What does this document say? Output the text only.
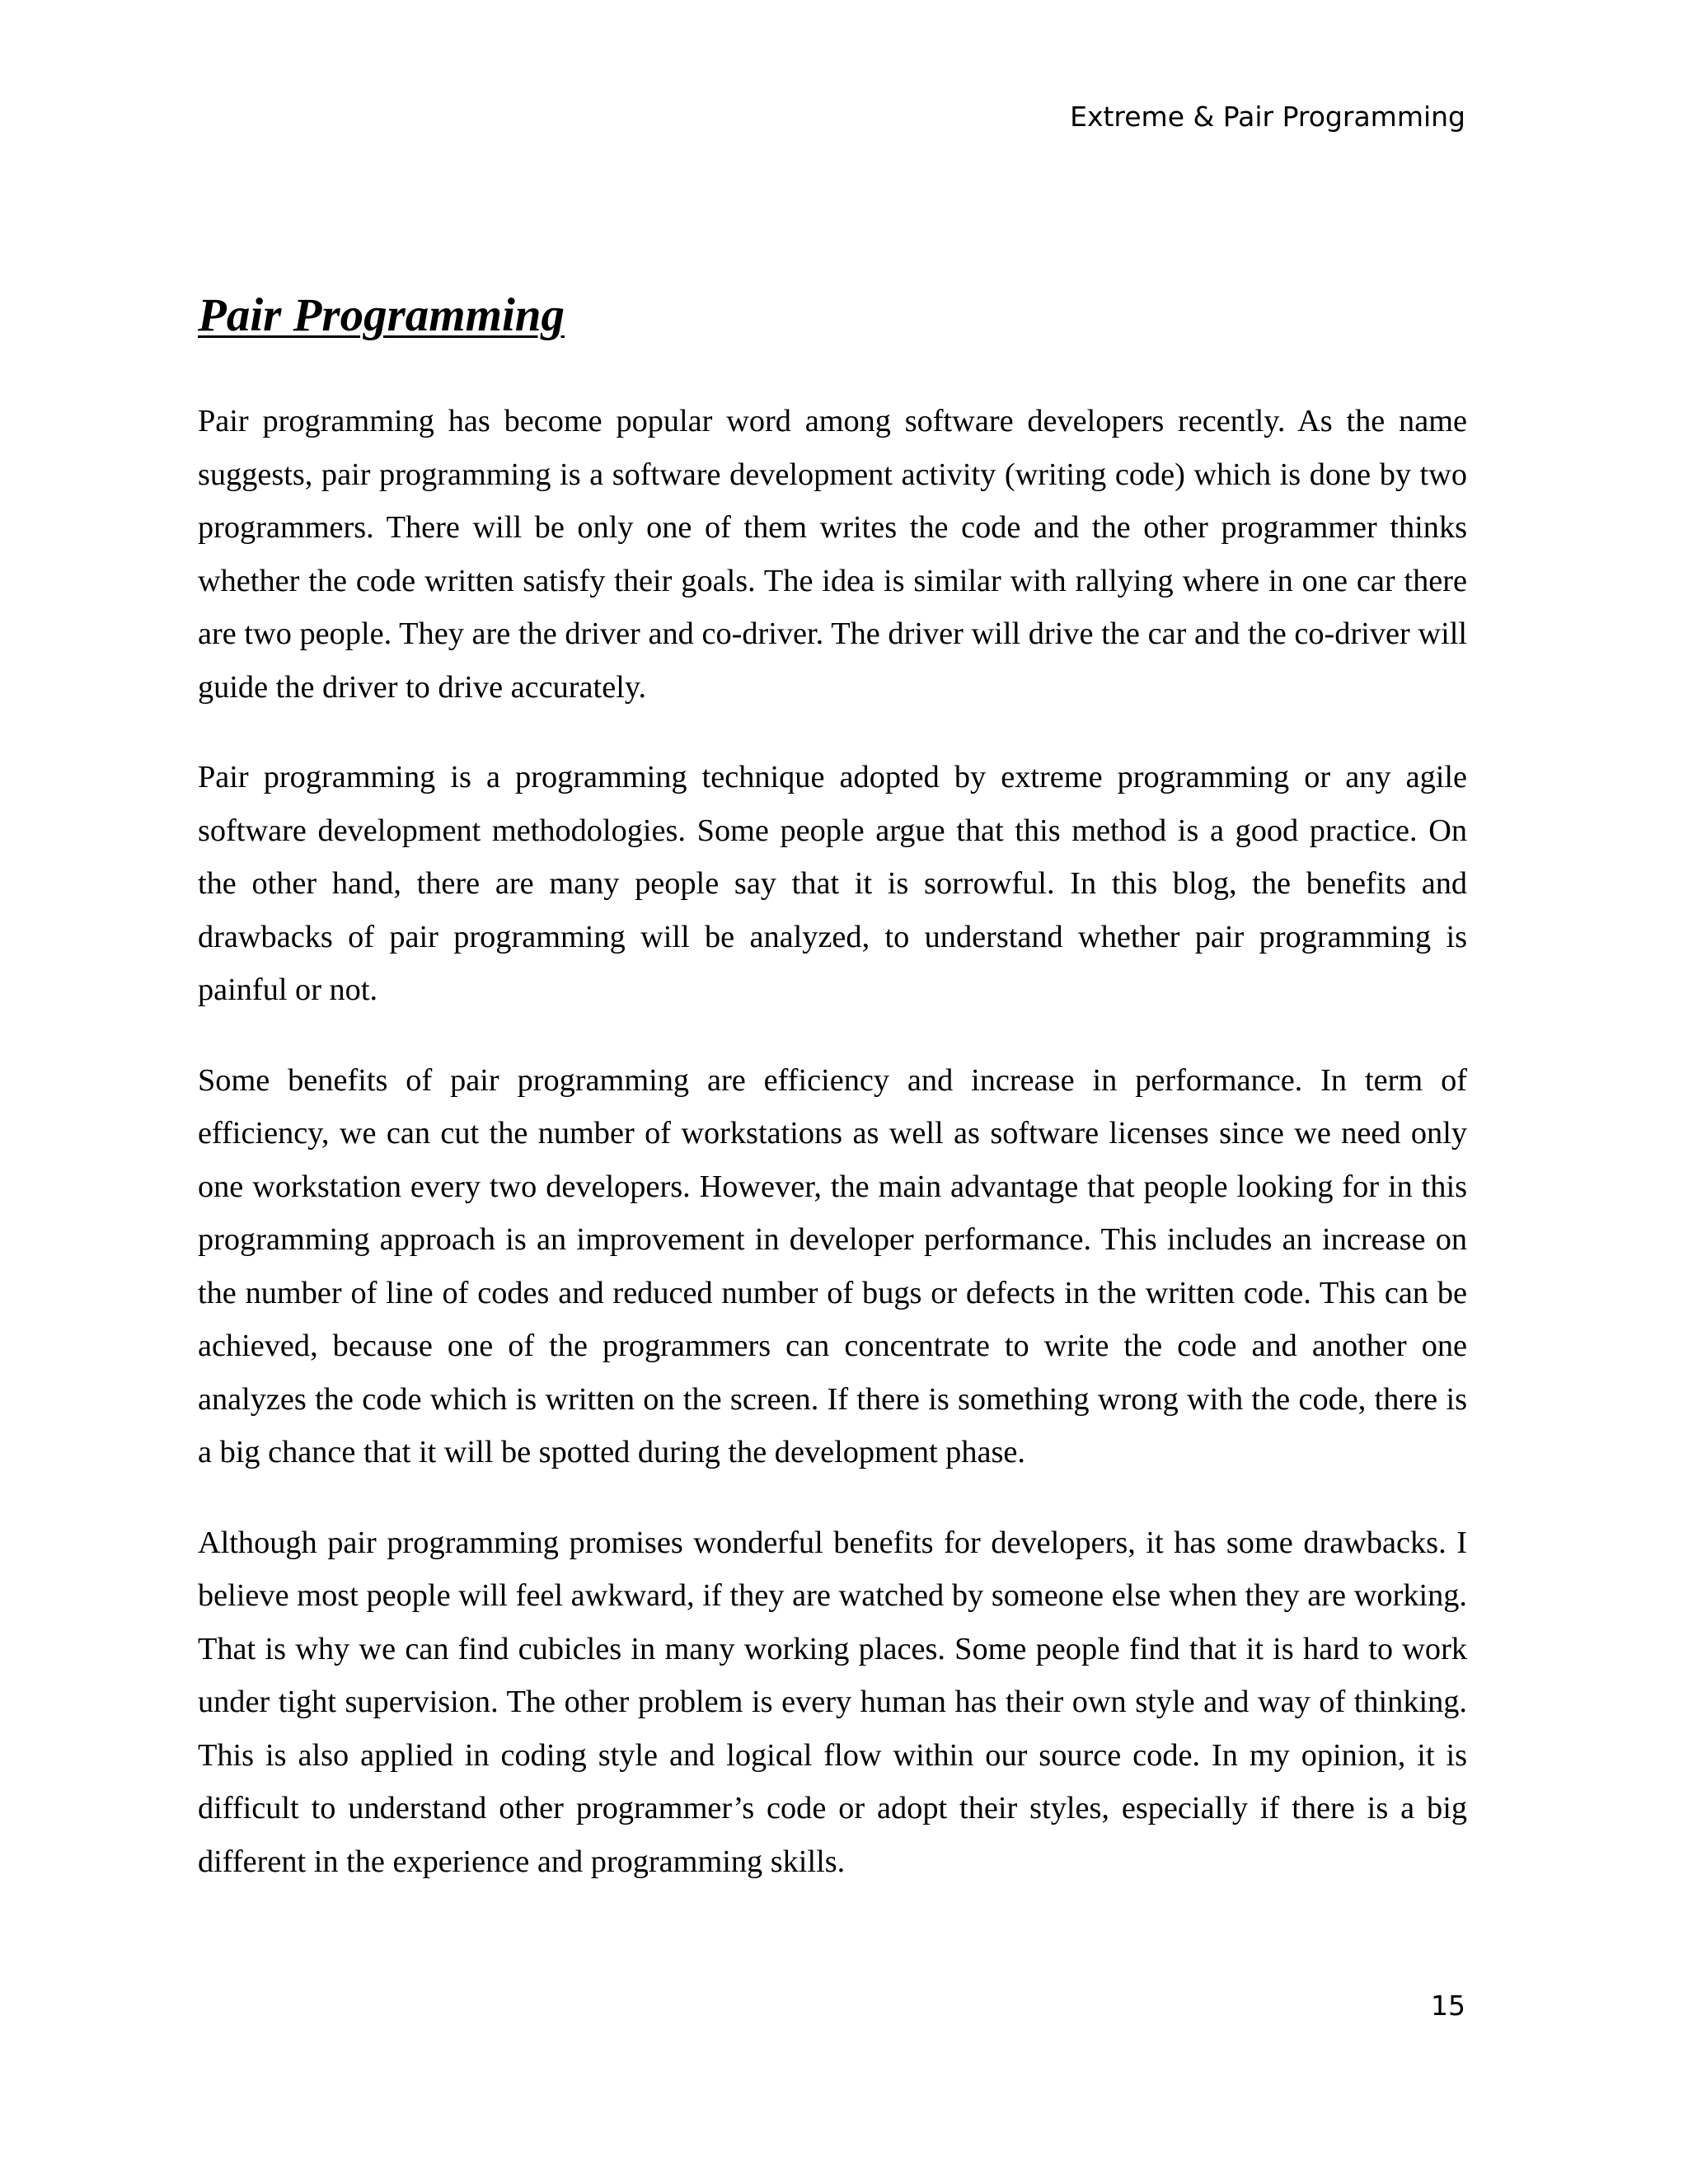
Extreme & Pair Programming
Pair Programming

Pair programming has become popular word among software developers recently. As the name suggests, pair programming is a software development activity (writing code) which is done by two programmers. There will be only one of them writes the code and the other programmer thinks whether the code written satisfy their goals. The idea is similar with rallying where in one car there are two people. They are the driver and co-driver. The driver will drive the car and the co-driver will guide the driver to drive accurately.

Pair programming is a programming technique adopted by extreme programming or any agile software development methodologies. Some people argue that this method is a good practice. On the other hand, there are many people say that it is sorrowful. In this blog, the benefits and drawbacks of pair programming will be analyzed, to understand whether pair programming is painful or not.

Some benefits of pair programming are efficiency and increase in performance. In term of efficiency, we can cut the number of workstations as well as software licenses since we need only one workstation every two developers. However, the main advantage that people looking for in this programming approach is an improvement in developer performance. This includes an increase on the number of line of codes and reduced number of bugs or defects in the written code. This can be achieved, because one of the programmers can concentrate to write the code and another one analyzes the code which is written on the screen. If there is something wrong with the code, there is a big chance that it will be spotted during the development phase.

Although pair programming promises wonderful benefits for developers, it has some drawbacks. I believe most people will feel awkward, if they are watched by someone else when they are working. That is why we can find cubicles in many working places. Some people find that it is hard to work under tight supervision. The other problem is every human has their own style and way of thinking. This is also applied in coding style and logical flow within our source code. In my opinion, it is difficult to understand other programmer’s code or adopt their styles, especially if there is a big different in the experience and programming skills.

15
